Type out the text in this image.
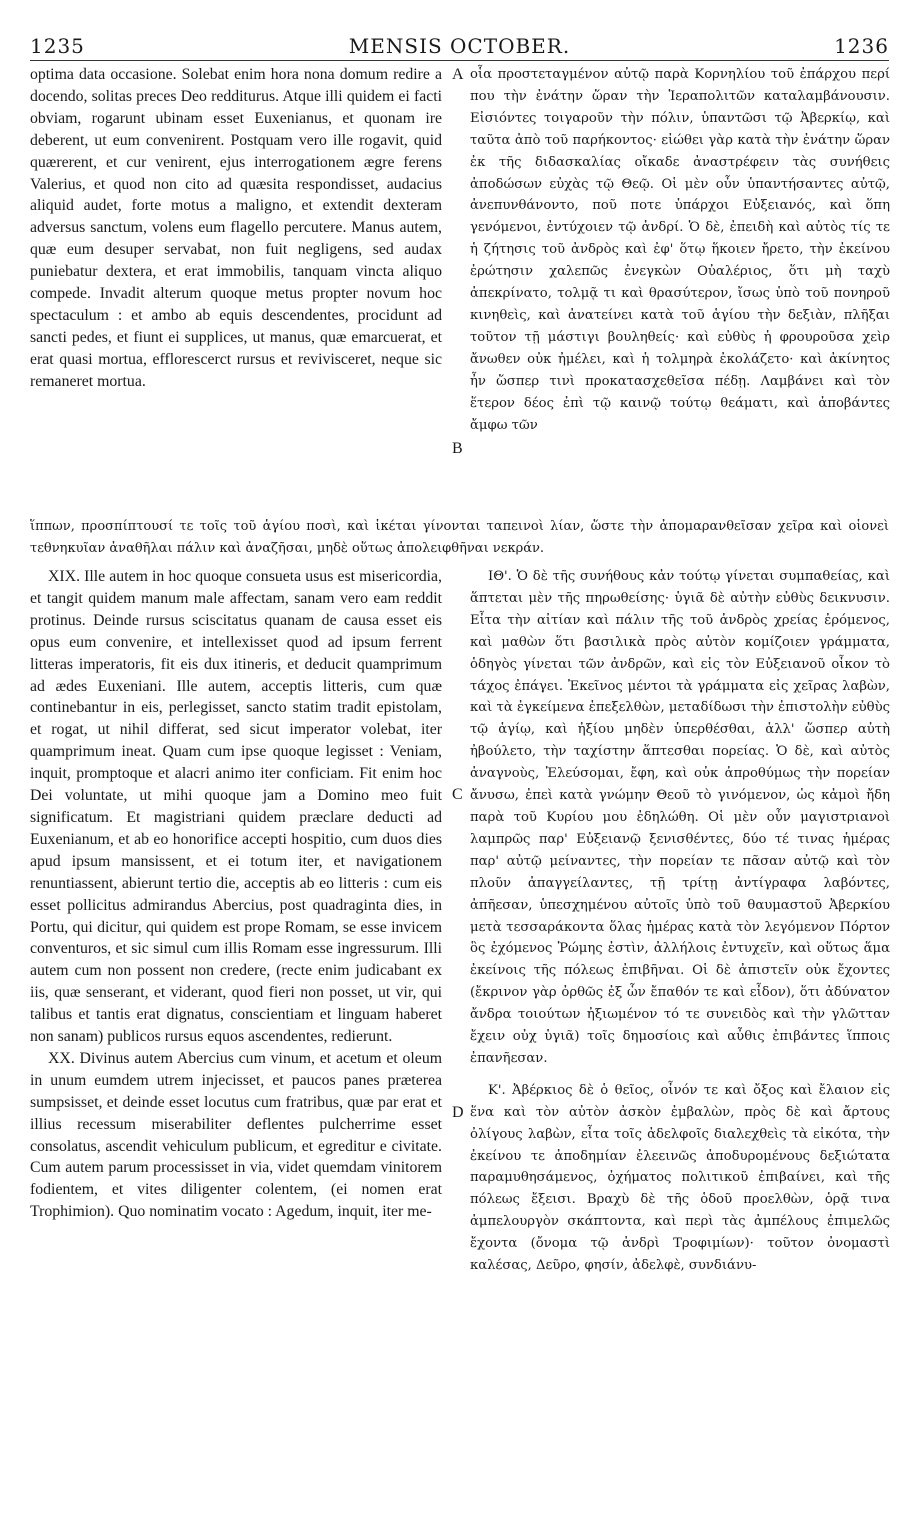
1235	MENSIS OCTOBER.	1236

optima data occasione. Solebat enim hora nona domum redire a docendo, solitas preces Deo redditurus. Atque illi quidem ei facti obviam, rogarunt ubinam esset Euxenianus, et quonam ire deberent, ut eum convenirent. Postquam vero ille rogavit, quid quærerent, et cur venirent, ejus interrogationem ægre ferens Valerius, et quod non cito ad quæsita respondisset, audacius aliquid audet, forte motus a maligno, et extendit dexteram adversus sanctum, volens eum flagello percutere. Manus autem, quæ eum desuper servabat, non fuit negligens, sed audax puniebatur dextera, et erat immobilis, tanquam vincta aliquo compede. Invadit alterum quoque metus propter novum hoc spectaculum : et ambo ab equis descendentes, procidunt ad sancti pedes, et fiunt ei supplices, ut manus, quæ emarcuerat, et erat quasi mortua, efflorescerct rursus et revivisceret, neque sic remaneret mortua.

οἷα προστεταγμένον αὐτῷ παρὰ Κορνηλίου τοῦ ἐπάρχου περί που τὴν ἐνάτην ὥραν τὴν Ἱεραπολιτῶν καταλαμβάνουσιν. Εἰσιόντες τοιγαροῦν τὴν πόλιν, ὑπαντῶσι τῷ Ἀβερκίῳ, καὶ ταῦτα ἀπὸ τοῦ παρήκοντος· εἰώθει γὰρ κατὰ τὴν ἐνάτην ὥραν ἐκ τῆς διδασκαλίας οἴκαδε ἀναστρέφειν τὰς συνήθεις ἀποδώσων εὐχὰς τῷ Θεῷ. Οἱ μὲν οὖν ὑπαντήσαντες αὐτῷ, ἀνεπυνθάνοντο, ποῦ ποτε ὑπάρχοι Εὐξειανός, καὶ ὅπη γενόμενοι, ἐντύχοιεν τῷ ἀνδρί. Ὁ δὲ, ἐπειδὴ καὶ αὐτὸς τίς τε ἡ ζήτησις τοῦ ἀνδρὸς καὶ ἐφ' ὅτῳ ἥκοιεν ἤρετο, τὴν ἐκείνου ἐρώτησιν χαλεπῶς ἐνεγκὼν Οὐαλέριος, ὅτι μὴ ταχὺ ἀπεκρίνατο, τολμᾷ τι καὶ θρασύτερον, ἴσως ὑπὸ τοῦ πονηροῦ κινηθεὶς, καὶ ἀνατείνει κατὰ τοῦ ἁγίου τὴν δεξιὰν, πλῆξαι τοῦτον τῇ μάστιγι βουληθείς· καὶ εὐθὺς ἡ φρουροῦσα χεὶρ ἄνωθεν οὐκ ἠμέλει, καὶ ἡ τολμηρὰ ἐκολάζετο· καὶ ἀκίνητος ἦν ὥσπερ τινὶ προκατασχεθεῖσα πέδῃ. Λαμβάνει καὶ τὸν ἕτερον δέος ἐπὶ τῷ καινῷ τούτῳ θεάματι, καὶ ἀποβάντες ἄμφω τῶν

A
B
ἵππων, προσπίπτουσί τε τοῖς τοῦ ἁγίου ποσὶ, καὶ ἱκέται γίνονται ταπεινοὶ λίαν, ὥστε τὴν ἀπομαρανθεῖσαν χεῖρα καὶ οἱονεὶ τεθνηκυῖαν ἀναθῆλαι πάλιν καὶ ἀναζῆσαι, μηδὲ οὕτως ἀπολειφθῆναι νεκράν.

XIX. Ille autem in hoc quoque consueta usus est misericordia, et tangit quidem manum male affectam, sanam vero eam reddit protinus. Deinde rursus sciscitatus quanam de causa esset eis opus eum convenire, et intellexisset quod ad ipsum ferrent litteras imperatoris, fit eis dux itineris, et deducit quamprimum ad ædes Euxeniani. Ille autem, acceptis litteris, cum quæ continebantur in eis, perlegisset, sancto statim tradit epistolam, et rogat, ut nihil differat, sed sicut imperator volebat, iter quamprimum ineat. Quam cum ipse quoque legisset : Veniam, inquit, promptoque et alacri animo iter conficiam. Fit enim hoc Dei voluntate, ut mihi quoque jam a Domino meo fuit significatum. Et magistriani quidem præclare deducti ad Euxenianum, et ab eo honorifice accepti hospitio, cum duos dies apud ipsum mansissent, et ei totum iter, et navigationem renuntiassent, abierunt tertio die, acceptis ab eo litteris : cum eis esset pollicitus admirandus Abercius, post quadraginta dies, in Portu, qui dicitur, qui quidem est prope Romam, se esse invicem conventuros, et sic simul cum illis Romam esse ingressurum. Illi autem cum non possent non credere, (recte enim judicabant ex iis, quæ senserant, et viderant, quod fieri non posset, ut vir, qui talibus et tantis erat dignatus, conscientiam et linguam haberet non sanam) publicos rursus equos ascendentes, redierunt.

XX. Divinus autem Abercius cum vinum, et acetum et oleum in unum eumdem utrem injecisset, et paucos panes præterea sumpsisset, et deinde esset locutus cum fratribus, quæ par erat et illius recessum miserabiliter deflentes pulcherrime esset consolatus, ascendit vehiculum publicum, et egreditur e civitate. Cum autem parum processisset in via, videt quemdam vinitorem fodientem, et vites diligenter colentem, (ei nomen erat Trophimion). Quo nominatim vocato : Agedum, inquit, iter me-

ΙΘ'. Ὁ δὲ τῆς συνήθους κἀν τούτῳ γίνεται συμπαθείας, καὶ ἅπτεται μὲν τῆς πηρωθείσης· ὑγιᾶ δὲ αὐτὴν εὐθὺς δεικνυσιν. Εἶτα τὴν αἰτίαν καὶ πάλιν τῆς τοῦ ἀνδρὸς χρείας ἐρόμενος, καὶ μαθὼν ὅτι βασιλικὰ πρὸς αὐτὸν κομίζοιεν γράμματα, ὁδηγὸς γίνεται τῶν ἀνδρῶν, καὶ εἰς τὸν Εὐξειανοῦ οἶκον τὸ τάχος ἐπάγει. Ἐκεῖνος μέντοι τὰ γράμματα εἰς χεῖρας λαβὼν, καὶ τὰ ἐγκείμενα ἐπεξελθὼν, μεταδίδωσι τὴν ἐπιστολὴν εὐθὺς τῷ ἁγίῳ, καὶ ἠξίου μηδὲν ὑπερθέσθαι, ἀλλ' ὥσπερ αὐτὴ ἠβούλετο, τὴν ταχίστην ἅπτεσθαι πορείας. Ὁ δὲ, καὶ αὐτὸς ἀναγνοὺς, Ἐλεύσομαι, ἔφη, καὶ οὐκ ἀπροθύμως τὴν πορείαν ἄνυσω, ἐπεὶ κατὰ γνώμην Θεοῦ τὸ γινόμενον, ὡς κἀμοὶ ἤδη παρὰ τοῦ Κυρίου μου ἐδηλώθη. Οἱ μὲν οὖν μαγιστριανοὶ λαμπρῶς παρ' Εὐξειανῷ ξενισθέντες, δύο τέ τινας ἡμέρας παρ' αὐτῷ μείναντες, τὴν πορείαν τε πᾶσαν αὐτῷ καὶ τὸν πλοῦν ἀπαγγείλαντες, τῇ τρίτῃ ἀντίγραφα λαβόντες, ἀπῆεσαν, ὑπεσχημένου αὐτοῖς ὑπὸ τοῦ θαυμαστοῦ Ἀβερκίου μετὰ τεσσαράκοντα ὅλας ἡμέρας κατὰ τὸν λεγόμενον Πόρτον ὃς ἐχόμενος Ῥώμης ἐστὶν, ἀλλήλοις ἐντυχεῖν, καὶ οὕτως ἅμα ἐκείνοις τῆς πόλεως ἐπιβῆναι. Οἱ δὲ ἀπιστεῖν οὐκ ἔχοντες (ἔκρινον γὰρ ὀρθῶς ἐξ ὧν ἔπαθόν τε καὶ εἶδον), ὅτι ἀδύνατον ἄνδρα τοιούτων ἠξιωμένον τό τε συνειδὸς καὶ τὴν γλῶτταν ἔχειν οὐχ ὑγιᾶ) τοῖς δημοσίοις καὶ αὖθις ἐπιβάντες ἵπποις ἐπανῆεσαν.

Κ'. Ἀβέρκιος δὲ ὁ θεῖος, οἶνόν τε καὶ ὄξος καὶ ἔλαιον εἰς ἕνα καὶ τὸν αὐτὸν ἀσκὸν ἐμβαλὼν, πρὸς δὲ καὶ ἄρτους ὀλίγους λαβὼν, εἶτα τοῖς ἀδελφοῖς διαλεχθεὶς τὰ εἰκότα, τὴν ἐκείνου τε ἀποδημίαν ἐλεεινῶς ἀποδυρομένους δεξιώτατα παραμυθησάμενος, ὀχήματος πολιτικοῦ ἐπιβαίνει, καὶ τῆς πόλεως ἔξεισι. Βραχὺ δὲ τῆς ὁδοῦ προελθὼν, ὁρᾷ τινα ἀμπελουργὸν σκάπτοντα, καὶ περὶ τὰς ἀμπέλους ἐπιμελῶς ἔχοντα (ὄνομα τῷ ἀνδρὶ Τροφιμίων)· τοῦτον ὀνομαστὶ καλέσας, Δεῦρο, φησίν, ἀδελφὲ, συνδιάνυ-

C
D
